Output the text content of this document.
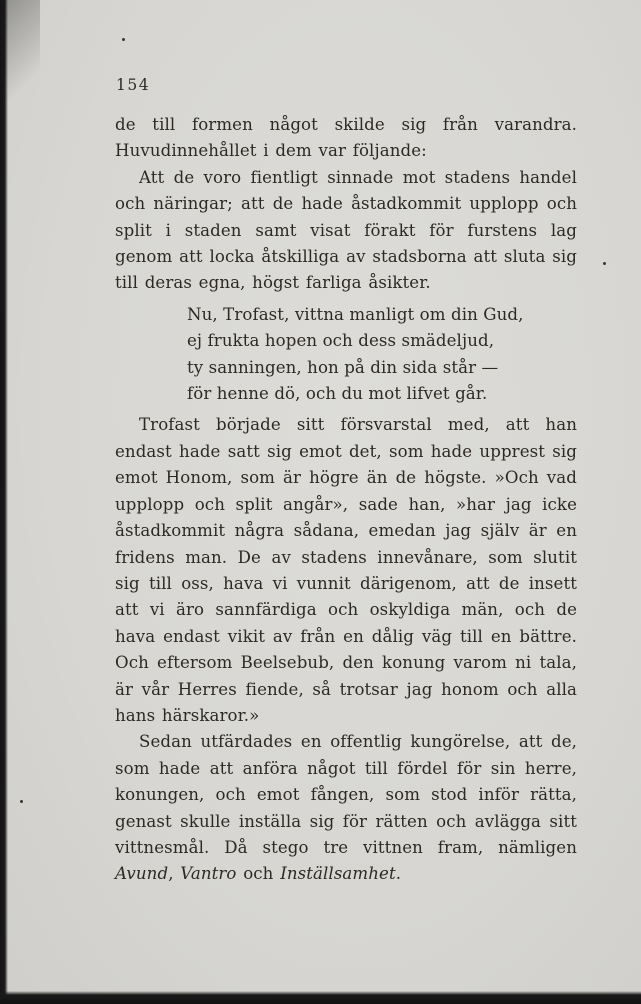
154

de till formen något skilde sig från varandra. Huvudinnehållet i dem var följande:

Att de voro fientligt sinnade mot stadens handel och näringar; att de hade åstadkommit upplopp och split i staden samt visat förakt för furstens lag genom att locka åtskilliga av stadsborna att sluta sig till deras egna, högst farliga åsikter.

Nu, Trofast, vittna manligt om din Gud,
ej frukta hopen och dess smädeljud,
ty sanningen, hon på din sida står —
för henne dö, och du mot lifvet går.

Trofast började sitt försvarstal med, att han endast hade satt sig emot det, som hade upprest sig emot Honom, som är högre än de högste. »Och vad upplopp och split angår», sade han, »har jag icke åstadkommit några sådana, emedan jag själv är en fridens man. De av stadens innevånare, som slutit sig till oss, hava vi vunnit därigenom, att de insett att vi äro sannfärdiga och oskyldiga män, och de hava endast vikit av från en dålig väg till en bättre. Och eftersom Beelsebub, den konung varom ni tala, är vår Herres fiende, så trotsar jag honom och alla hans härskaror.»

Sedan utfärdades en offentlig kungörelse, att de, som hade att anföra något till fördel för sin herre, konungen, och emot fången, som stod inför rätta, genast skulle inställa sig för rätten och avlägga sitt vittnesmål. Då stego tre vittnen fram, nämligen Avund, Vantro och Inställsamhet.
